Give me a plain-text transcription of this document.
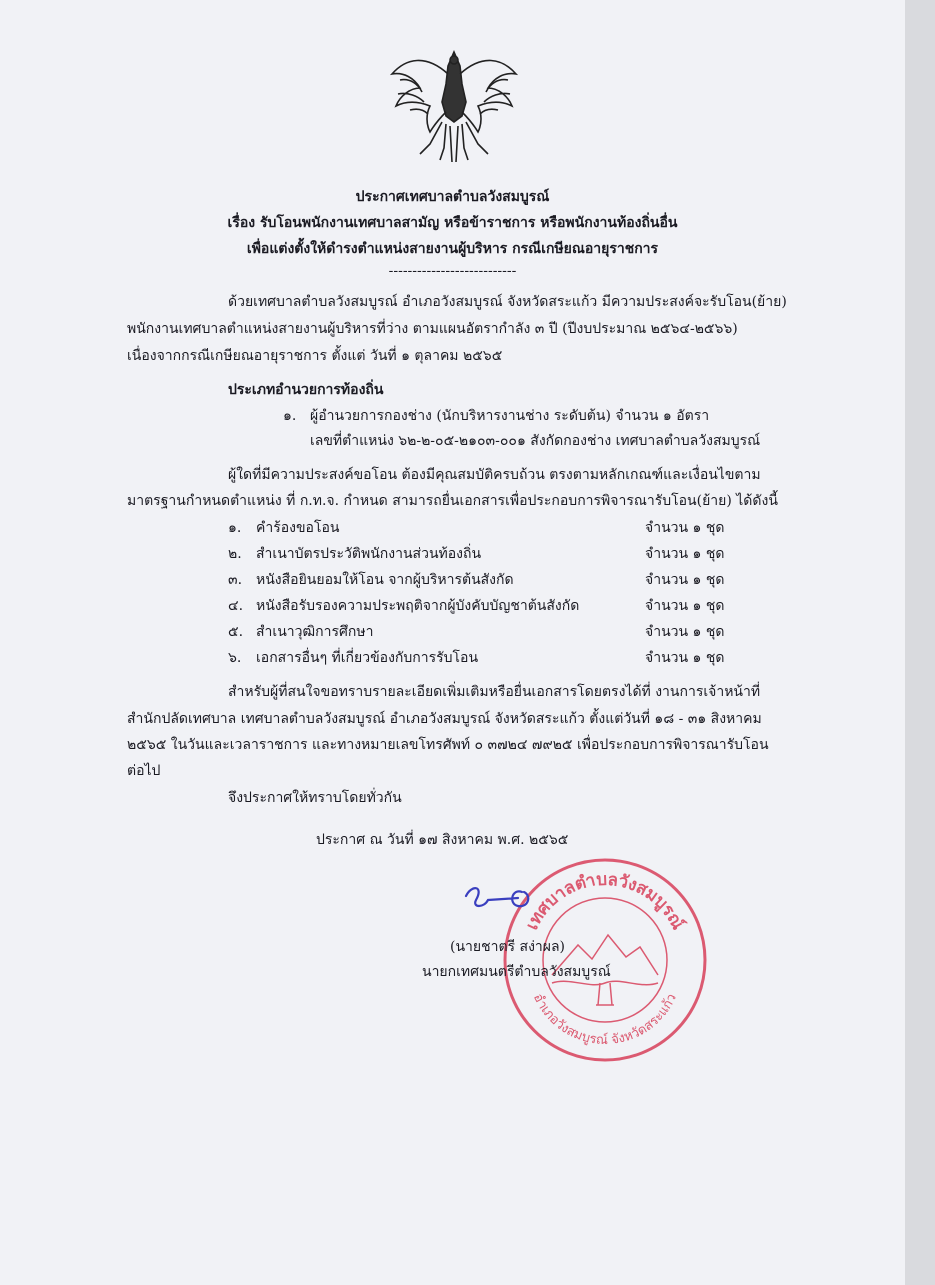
ประกาศเทศบาลตำบลวังสมบูรณ์
เรื่อง รับโอนพนักงานเทศบาลสามัญ หรือข้าราชการ หรือพนักงานท้องถิ่นอื่น
เพื่อแต่งตั้งให้ดำรงตำแหน่งสายงานผู้บริหาร กรณีเกษียณอายุราชการ
---------------------------
ด้วยเทศบาลตำบลวังสมบูรณ์ อำเภอวังสมบูรณ์ จังหวัดสระแก้ว มีความประสงค์จะรับโอน(ย้าย)
พนักงานเทศบาลตำแหน่งสายงานผู้บริหารที่ว่าง ตามแผนอัตรากำลัง ๓ ปี (ปีงบประมาณ ๒๕๖๔-๒๕๖๖)
เนื่องจากกรณีเกษียณอายุราชการ ตั้งแต่ วันที่ ๑ ตุลาคม ๒๕๖๕
ประเภทอำนวยการท้องถิ่น
๑. ผู้อำนวยการกองช่าง (นักบริหารงานช่าง ระดับต้น) จำนวน ๑ อัตรา
เลขที่ตำแหน่ง ๖๒-๒-๐๕-๒๑๐๓-๐๐๑ สังกัดกองช่าง เทศบาลตำบลวังสมบูรณ์
ผู้ใดที่มีความประสงค์ขอโอน ต้องมีคุณสมบัติครบถ้วน ตรงตามหลักเกณฑ์และเงื่อนไขตาม
มาตรฐานกำหนดตำแหน่ง ที่ ก.ท.จ. กำหนด สามารถยื่นเอกสารเพื่อประกอบการพิจารณารับโอน(ย้าย) ได้ดังนี้
๑. คำร้องขอโอน	จำนวน ๑ ชุด
๒. สำเนาบัตรประวัติพนักงานส่วนท้องถิ่น	จำนวน ๑ ชุด
๓. หนังสือยินยอมให้โอน จากผู้บริหารต้นสังกัด	จำนวน ๑ ชุด
๔. หนังสือรับรองความประพฤติจากผู้บังคับบัญชาต้นสังกัด	จำนวน ๑ ชุด
๕. สำเนาวุฒิการศึกษา	จำนวน ๑ ชุด
๖. เอกสารอื่นๆ ที่เกี่ยวข้องกับการรับโอน	จำนวน ๑ ชุด
สำหรับผู้ที่สนใจขอทราบรายละเอียดเพิ่มเติมหรือยื่นเอกสารโดยตรงได้ที่ งานการเจ้าหน้าที่
สำนักปลัดเทศบาล เทศบาลตำบลวังสมบูรณ์ อำเภอวังสมบูรณ์ จังหวัดสระแก้ว ตั้งแต่วันที่ ๑๘ - ๓๑ สิงหาคม
๒๕๖๕ ในวันและเวลาราชการ และทางหมายเลขโทรศัพท์ ๐ ๓๗๒๔ ๗๙๒๕ เพื่อประกอบการพิจารณารับโอน
ต่อไป
จึงประกาศให้ทราบโดยทั่วกัน
ประกาศ ณ วันที่ ๑๗ สิงหาคม พ.ศ. ๒๕๖๕
เทศบาลตำบลวังสมบูรณ์
อำเภอวังสมบูรณ์ จังหวัดสระแก้ว
(นายชาตรี สง่าผล)
นายกเทศมนตรีตำบลวังสมบูรณ์
